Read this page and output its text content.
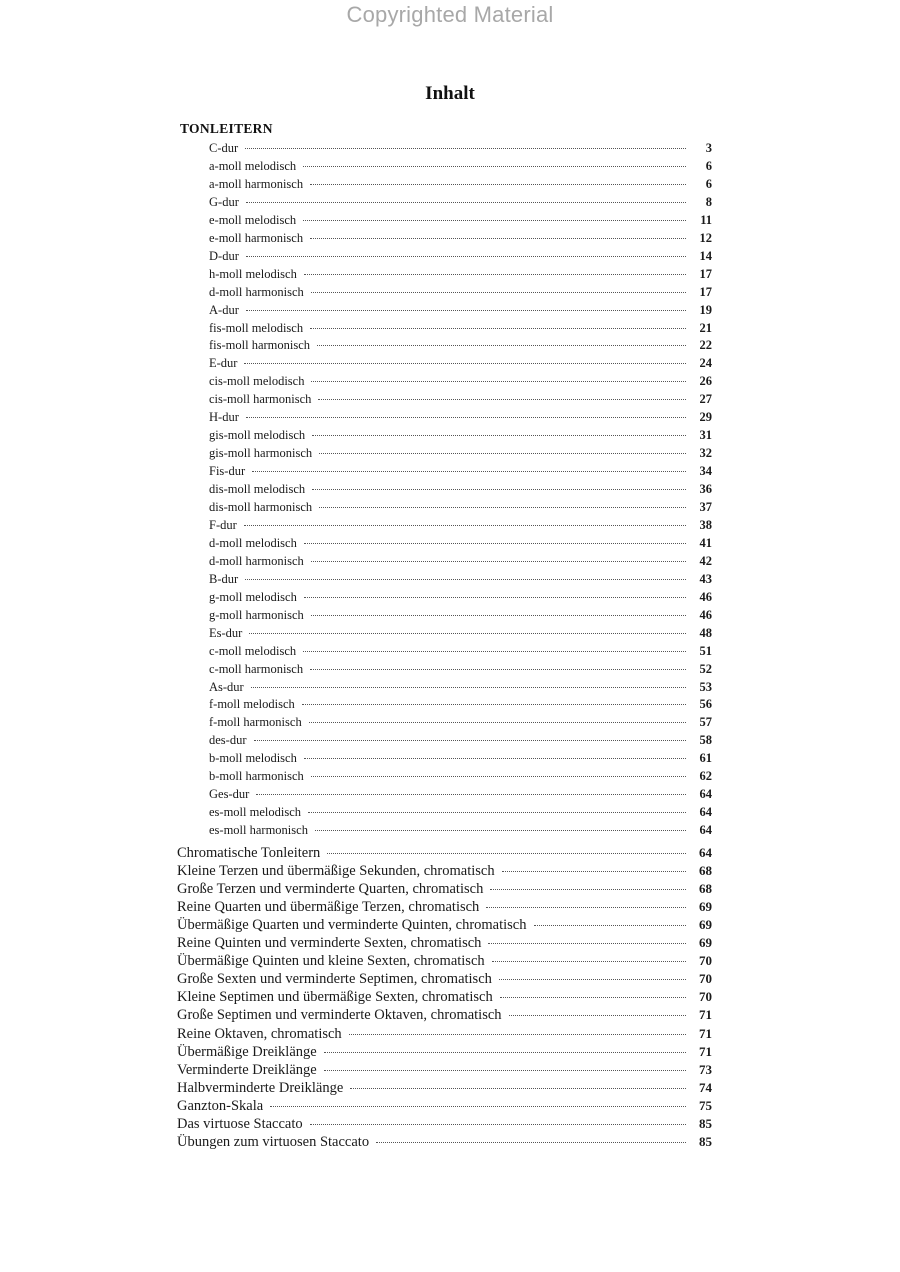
Copyrighted Material
Inhalt
TONLEITERN
C-dur	3
a-moll melodisch	6
a-moll harmonisch	6
G-dur	8
e-moll melodisch	11
e-moll harmonisch	12
D-dur	14
h-moll melodisch	17
d-moll harmonisch	17
A-dur	19
fis-moll melodisch	21
fis-moll harmonisch	22
E-dur	24
cis-moll melodisch	26
cis-moll harmonisch	27
H-dur	29
gis-moll melodisch	31
gis-moll harmonisch	32
Fis-dur	34
dis-moll melodisch	36
dis-moll harmonisch	37
F-dur	38
d-moll melodisch	41
d-moll harmonisch	42
B-dur	43
g-moll melodisch	46
g-moll harmonisch	46
Es-dur	48
c-moll melodisch	51
c-moll harmonisch	52
As-dur	53
f-moll melodisch	56
f-moll harmonisch	57
des-dur	58
b-moll melodisch	61
b-moll harmonisch	62
Ges-dur	64
es-moll melodisch	64
es-moll harmonisch	64
Chromatische Tonleitern	64
Kleine Terzen und übermäßige Sekunden, chromatisch	68
Große Terzen und verminderte Quarten, chromatisch	68
Reine Quarten und übermäßige Terzen, chromatisch	69
Übermäßige Quarten und verminderte Quinten, chromatisch	69
Reine Quinten und verminderte Sexten, chromatisch	69
Übermäßige Quinten und kleine Sexten, chromatisch	70
Große Sexten und verminderte Septimen, chromatisch	70
Kleine Septimen und übermäßige Sexten, chromatisch	70
Große Septimen und verminderte Oktaven, chromatisch	71
Reine Oktaven, chromatisch	71
Übermäßige Dreiklänge	71
Verminderte Dreiklänge	73
Halbverminderte Dreiklänge	74
Ganzton-Skala	75
Das virtuose Staccato	85
Übungen zum virtuosen Staccato	85
